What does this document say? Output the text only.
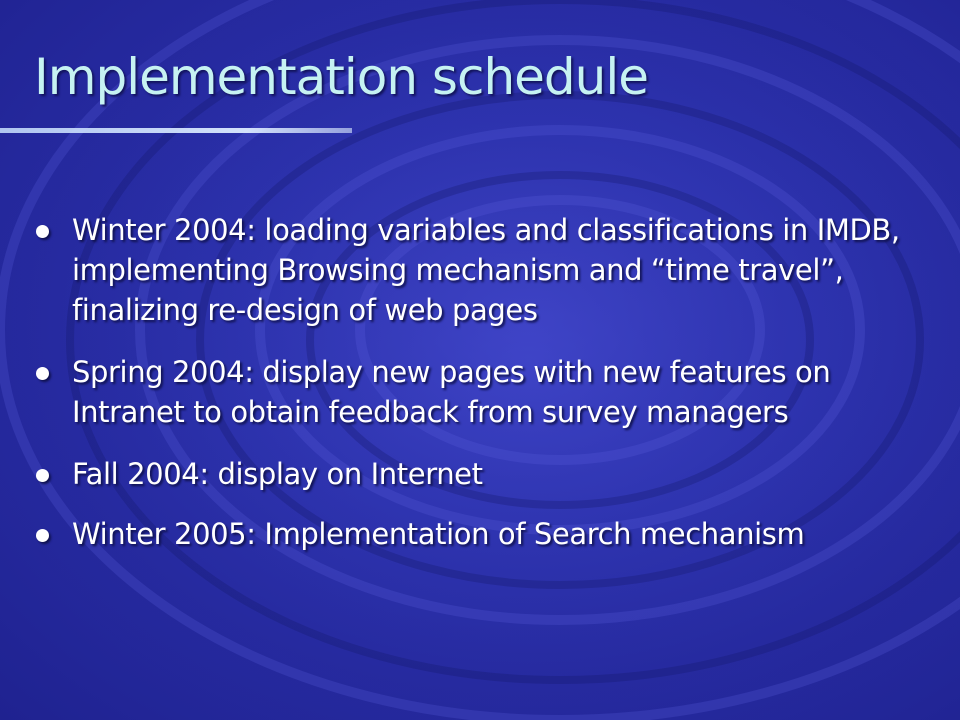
Implementation schedule
Winter 2004: loading variables and classifications in IMDB, implementing Browsing mechanism and “time travel”, finalizing re-design of web pages
Spring 2004: display new pages with new features on Intranet to obtain feedback from survey managers
Fall 2004: display on Internet
Winter 2005: Implementation of Search mechanism
